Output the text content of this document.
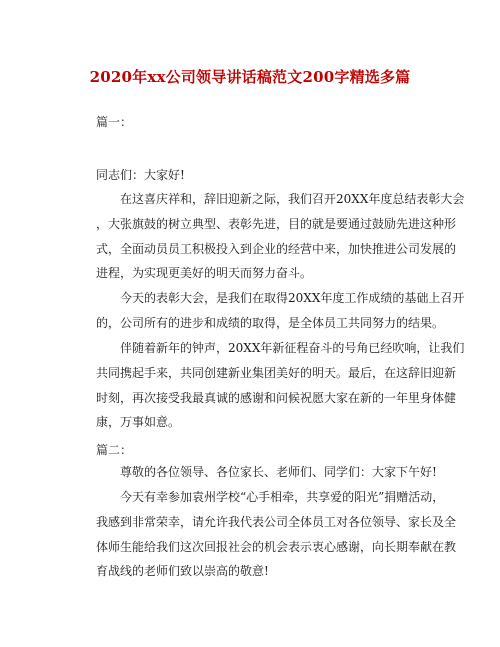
2020年xx公司领导讲话稿范文200字精选多篇
篇一：
同志们：大家好!
在这喜庆祥和，辞旧迎新之际，我们召开20XX年度总结表彰大会
，大张旗鼓的树立典型、表彰先进，目的就是要通过鼓励先进这种形
式，全面动员员工积极投入到企业的经营中来，加快推进公司发展的
进程，为实现更美好的明天而努力奋斗。
今天的表彰大会，是我们在取得20XX年度工作成绩的基础上召开
的，公司所有的进步和成绩的取得，是全体员工共同努力的结果。
伴随着新年的钟声，20XX年新征程奋斗的号角已经吹响，让我们
共同携起手来，共同创建新业集团美好的明天。最后，在这辞旧迎新
时刻，再次接受我最真诚的感谢和问候祝愿大家在新的一年里身体健
康，万事如意。
篇二：
尊敬的各位领导、各位家长、老师们、同学们：大家下午好!
今天有幸参加袁州学校“心手相牵，共享爱的阳光”捐赠活动，
我感到非常荣幸，请允许我代表公司全体员工对各位领导、家长及全
体师生能给我们这次回报社会的机会表示衷心感谢，向长期奉献在教
育战线的老师们致以崇高的敬意!
